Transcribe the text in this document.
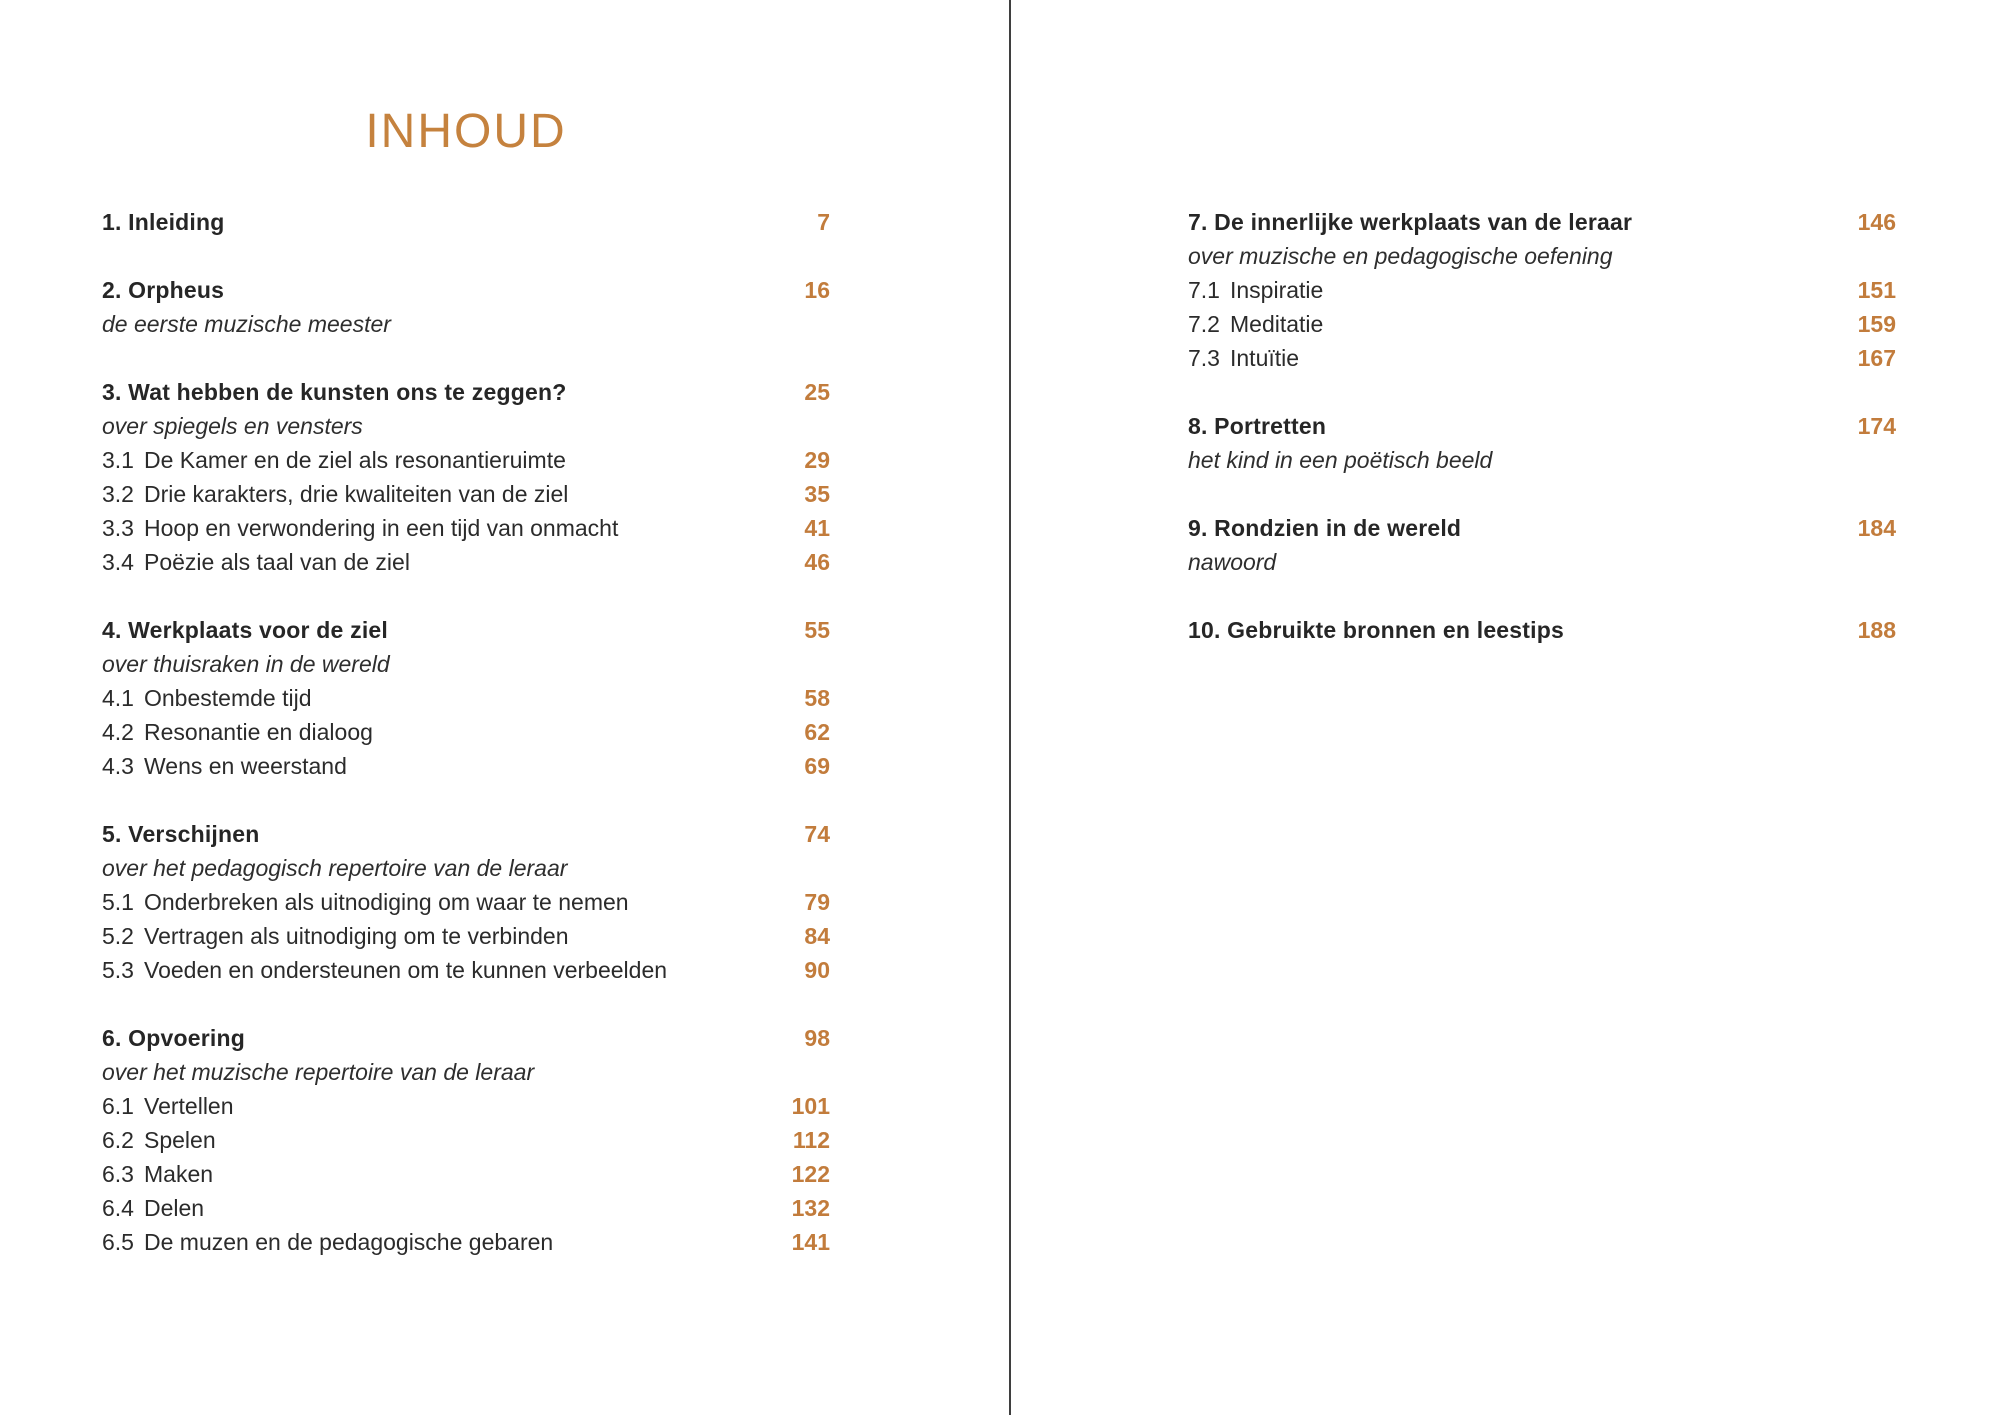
INHOUD
1. Inleiding	7
2. Orpheus	16
de eerste muzische meester
3. Wat hebben de kunsten ons te zeggen?	25
over spiegels en vensters
3.1 De Kamer en de ziel als resonantieruimte	29
3.2 Drie karakters, drie kwaliteiten van de ziel	35
3.3 Hoop en verwondering in een tijd van onmacht	41
3.4 Poëzie als taal van de ziel	46
4. Werkplaats voor de ziel	55
over thuisraken in de wereld
4.1 Onbestemde tijd	58
4.2 Resonantie en dialoog	62
4.3 Wens en weerstand	69
5. Verschijnen	74
over het pedagogisch repertoire van de leraar
5.1 Onderbreken als uitnodiging om waar te nemen	79
5.2 Vertragen als uitnodiging om te verbinden	84
5.3 Voeden en ondersteunen om te kunnen verbeelden	90
6. Opvoering	98
over het muzische repertoire van de leraar
6.1 Vertellen	101
6.2 Spelen	112
6.3 Maken	122
6.4 Delen	132
6.5 De muzen en de pedagogische gebaren	141
7. De innerlijke werkplaats van de leraar	146
over muzische en pedagogische oefening
7.1 Inspiratie	151
7.2 Meditatie	159
7.3 Intuïtie	167
8. Portretten	174
het kind in een poëtisch beeld
9. Rondzien in de wereld	184
nawoord
10. Gebruikte bronnen en leestips	188
